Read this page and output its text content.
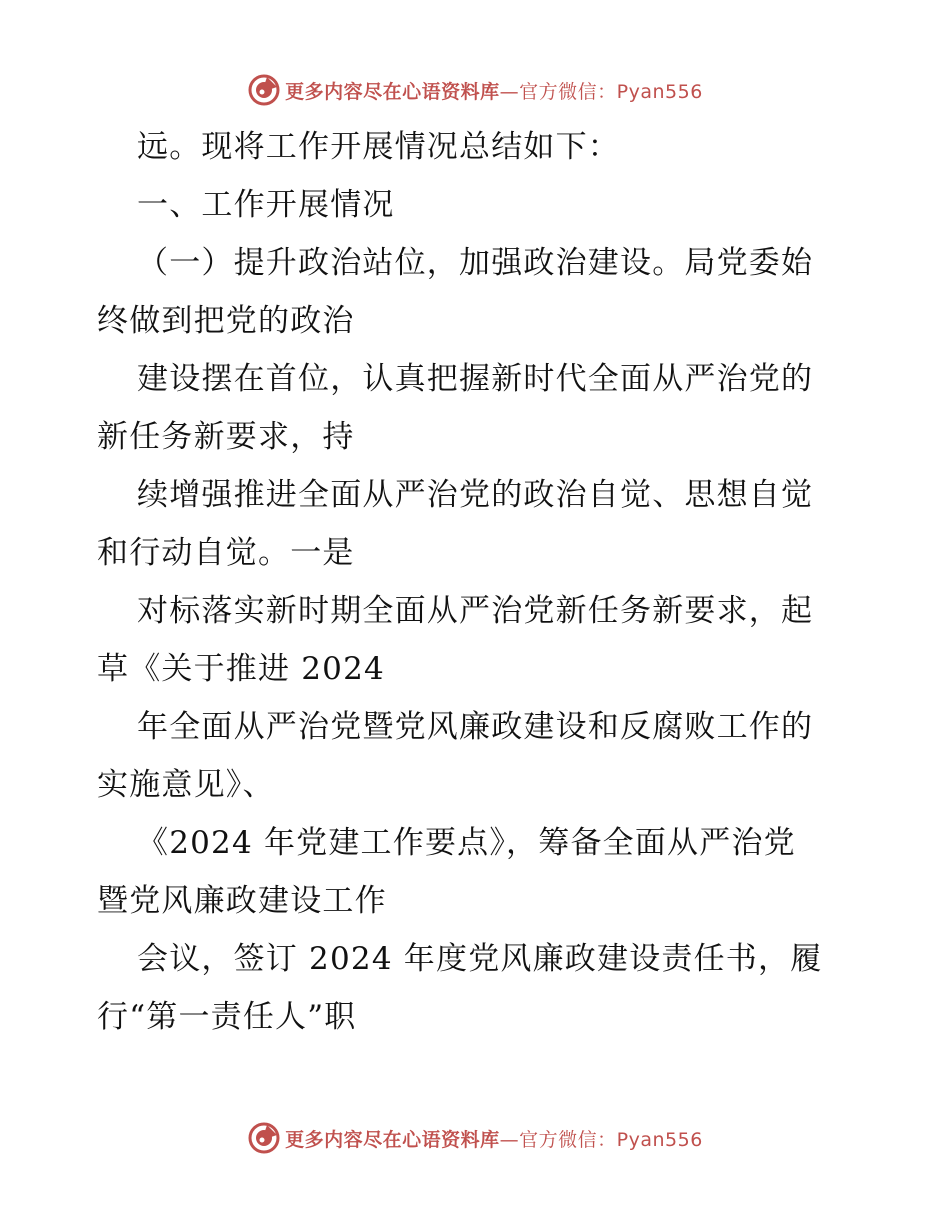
更多内容尽在心语资料库 —官方微信：Pyan556
远。现将工作开展情况总结如下：
一、工作开展情况
（一）提升政治站位，加强政治建设。局党委始
终做到把党的政治
建设摆在首位，认真把握新时代全面从严治党的
新任务新要求，持
续增强推进全面从严治党的政治自觉、思想自觉
和行动自觉。一是
对标落实新时期全面从严治党新任务新要求，起
草《关于推进 2024
年全面从严治党暨党风廉政建设和反腐败工作的
实施意见》、
《2024 年党建工作要点》，筹备全面从严治党
暨党风廉政建设工作
会议，签订 2024 年度党风廉政建设责任书，履
行“第一责任人”职
更多内容尽在心语资料库 —官方微信：Pyan556
